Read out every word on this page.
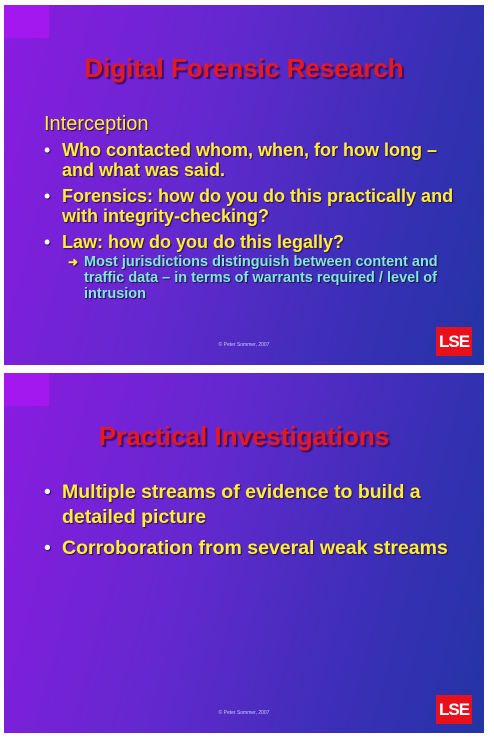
Digital Forensic Research
Interception
• Who contacted whom, when, for how long – and what was said.
• Forensics: how do you do this practically and with integrity-checking?
• Law: how do you do this legally?
➜ Most jurisdictions distinguish between content and traffic data – in terms of warrants required / level of intrusion
© Peter Sommer, 2007	LSE
Practical Investigations
• Multiple streams of evidence to build a detailed picture
• Corroboration from several weak streams
© Peter Sommer, 2007	LSE
